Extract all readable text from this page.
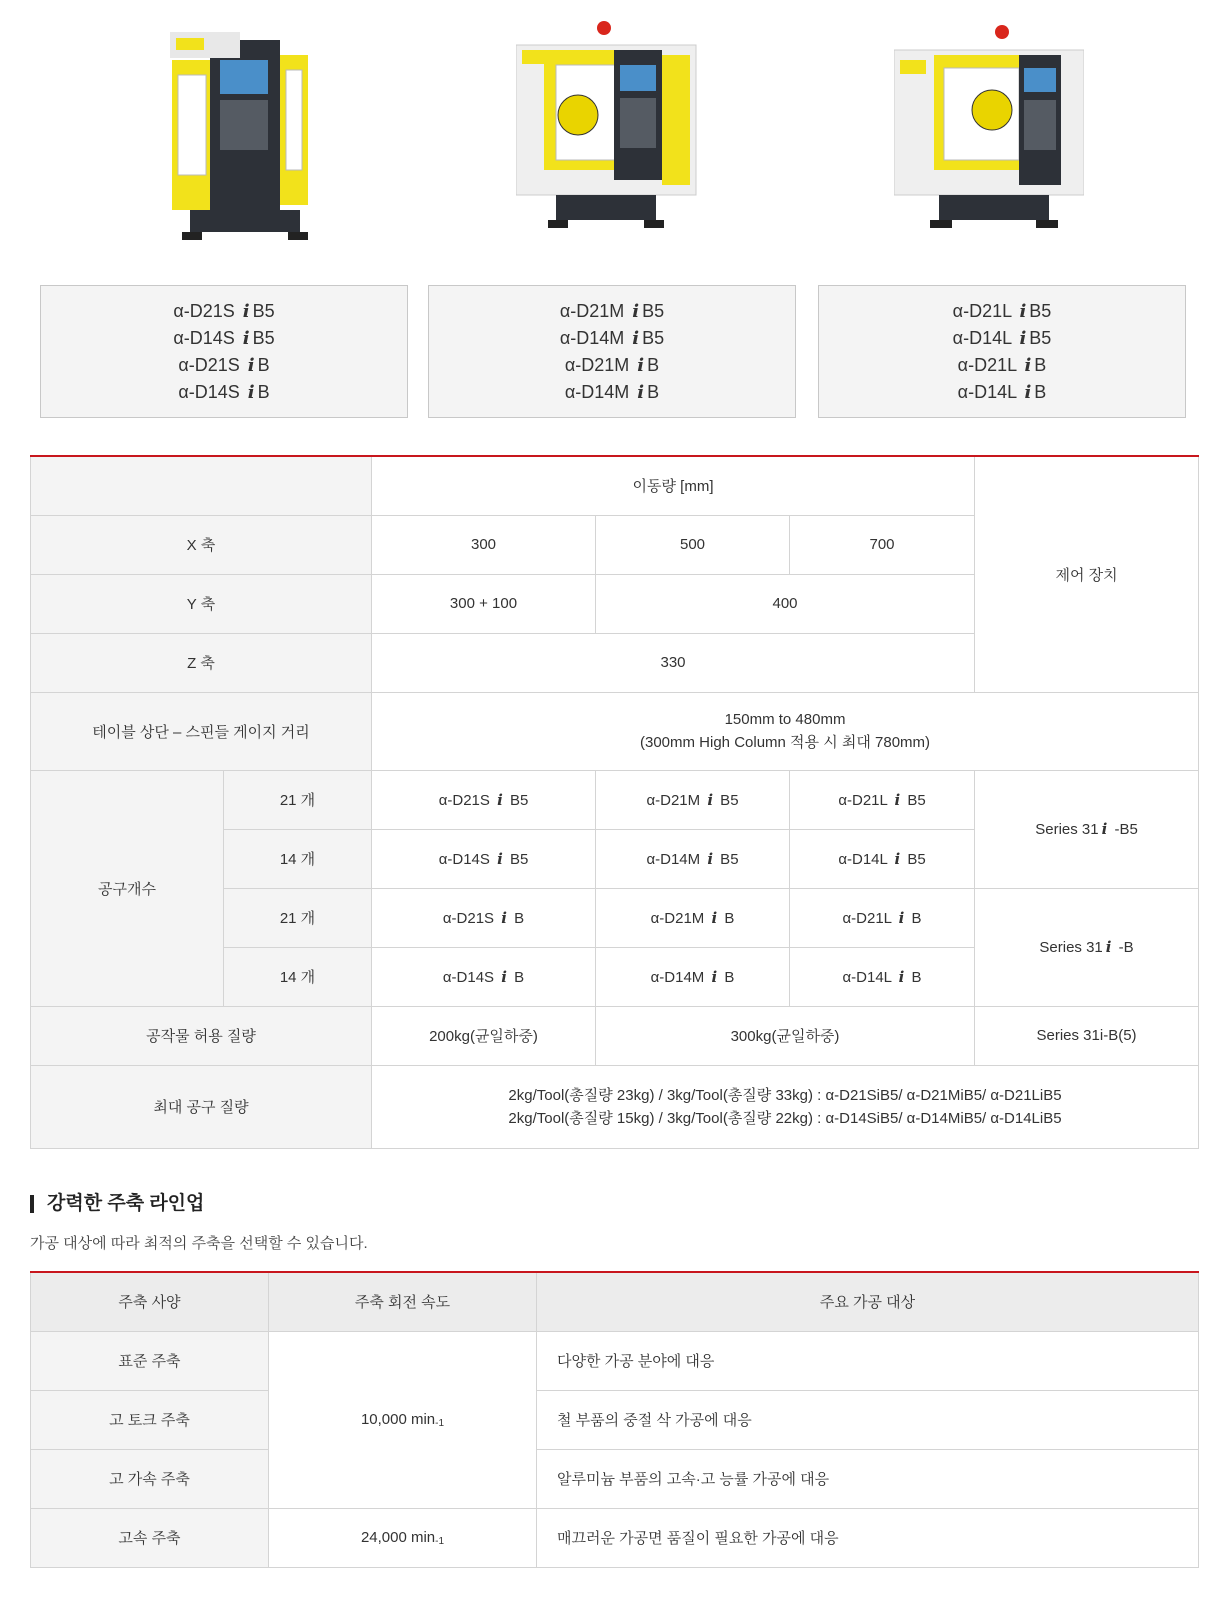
α-D21S i B5
α-D14S i B5
α-D21S i B
α-D14S i B
α-D21M i B5
α-D14M i B5
α-D21M i B
α-D14M i B
α-D21L i B5
α-D14L i B5
α-D21L i B
α-D14L i B
		이동량 [mm]			제어 장치
X 축		300	500	700	
Y 축		300 + 100	400		
Z 축		330			
테이블 상단 – 스핀들 게이지 거리		150mm to 480mm
(300mm High Column 적용 시 최대 780mm)			

공구개수	21 개	α-D21S i B5	α-D21M i B5	α-D21L i B5	Series 31 i -B5
	14 개	α-D14S i B5	α-D14M i B5	α-D14L i B5	
	21 개	α-D21S i B	α-D21M i B	α-D21L i B	Series 31 i -B
	14 개	α-D14S i B	α-D14M i B	α-D14L i B	
공작물 허용 질량		200kg(균일하중)	300kg(균일하중)		Series 31i-B(5)
최대 공구 질량		2kg/Tool(총질량 23kg) / 3kg/Tool(총질량 33kg) : α-D21SiB5/ α-D21MiB5/ α-D21LiB5
2kg/Tool(총질량 15kg) / 3kg/Tool(총질량 22kg) : α-D14SiB5/ α-D14MiB5/ α-D14LiB5			
강력한 주축 라인업
가공 대상에 따라 최적의 주축을 선택할 수 있습니다.
주축 사양	주축 회전 속도	주요 가공 대상
표준 주축	10,000 $\min^{-1}$	다양한 가공 분야에 대응
고 토크 주축		철 부품의 중절 삭 가공에 대응
고 가속 주축		알루미늄 부품의 고속·고 능률 가공에 대응
고속 주축	24,000 $\min^{-1}$	매끄러운 가공면 품질이 필요한 가공에 대응
